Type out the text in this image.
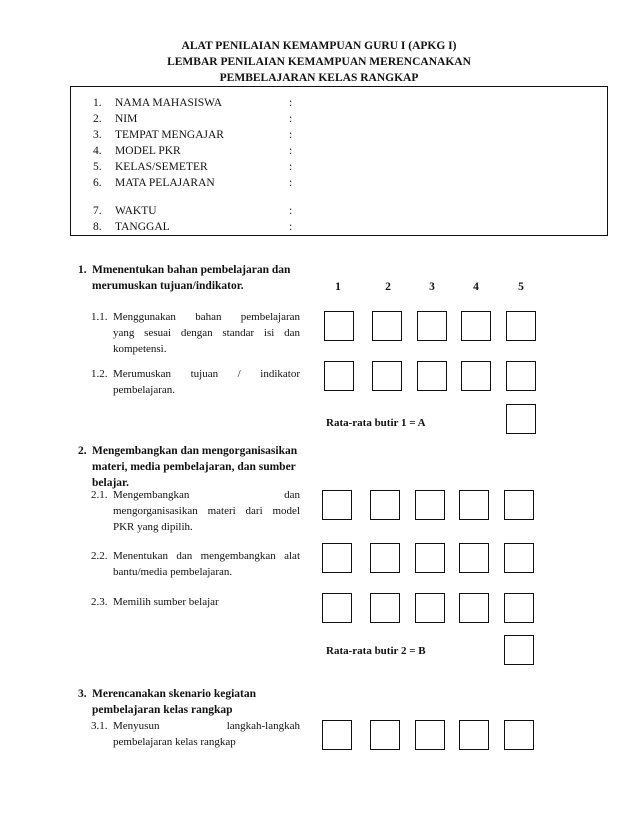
ALAT PENILAIAN KEMAMPUAN GURU I (APKG I)
LEMBAR PENILAIAN KEMAMPUAN MERENCANAKAN
PEMBELAJARAN KELAS RANGKAP
1.	NAMA MAHASISWA	:
2.	NIM	:
3.	TEMPAT MENGAJAR	:
4.	MODEL PKR	:
5.	KELAS/SEMETER	:
6.	MATA PELAJARAN	:
7.	WAKTU	:
8.	TANGGAL	:
1	2	3	4	5
1. Mmenentukan bahan pembelajaran dan
merumuskan tujuan/indikator.
1.1. Menggunakan bahan pembelajaran
yang sesuai dengan standar isi dan
kompetensi.
1.2. Merumuskan tujuan / indikator
pembelajaran.
Rata-rata butir 1 = A
2. Mengembangkan dan mengorganisasikan
materi, media pembelajaran, dan sumber
belajar.
2.1. Mengembangkan dan
mengorganisasikan materi dari model
PKR yang dipilih.
2.2. Menentukan dan mengembangkan alat
bantu/media pembelajaran.
2.3. Memilih sumber belajar
Rata-rata butir 2 = B
3. Merencanakan skenario kegiatan
pembelajaran kelas rangkap
3.1. Menyusun langkah-langkah
pembelajaran kelas rangkap
